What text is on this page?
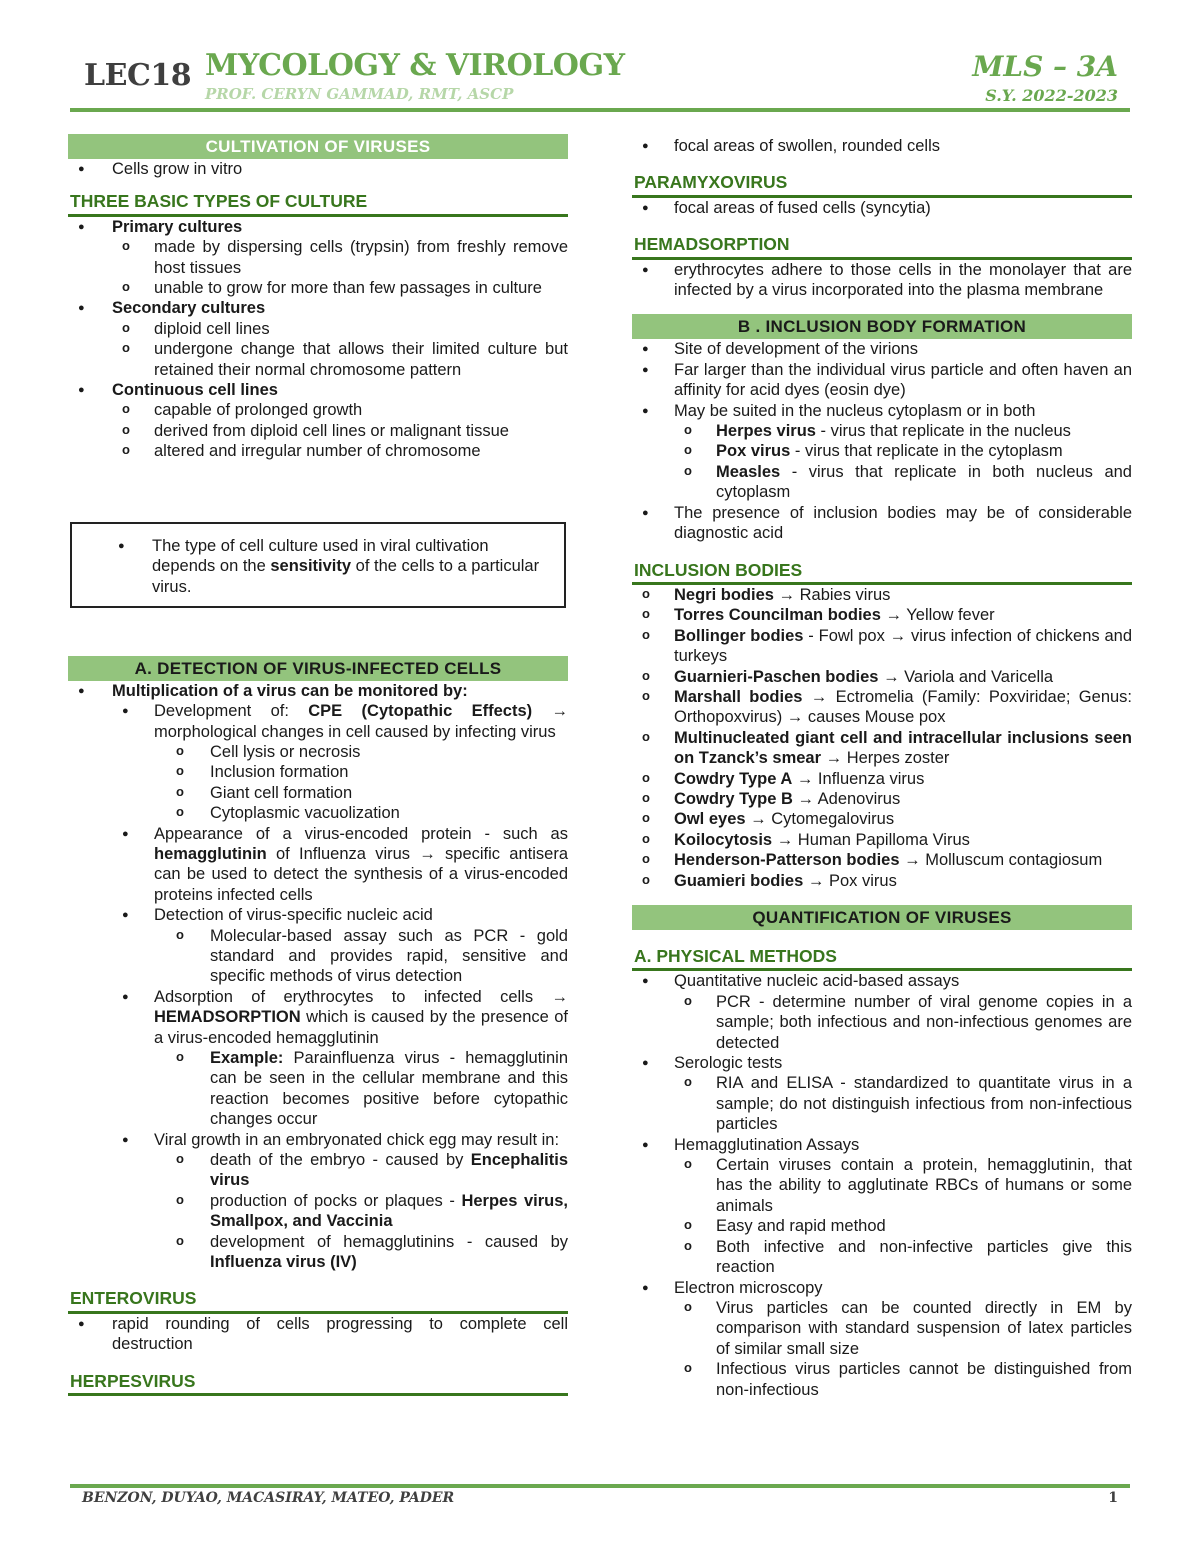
LEC18 MYCOLOGY & VIROLOGY
PROF. CERYN GAMMAD, RMT, ASCP
MLS – 3A
S.Y. 2022-2023
CULTIVATION OF VIRUSES
● Cells grow in vitro
THREE BASIC TYPES OF CULTURE
● Primary cultures
o made by dispersing cells (trypsin) from freshly remove host tissues
o unable to grow for more than few passages in culture
● Secondary cultures
o diploid cell lines
o undergone change that allows their limited culture but retained their normal chromosome pattern
● Continuous cell lines
o capable of prolonged growth
o derived from diploid cell lines or malignant tissue
o altered and irregular number of chromosome
● The type of cell culture used in viral cultivation depends on the sensitivity of the cells to a particular virus.
A. DETECTION OF VIRUS-INFECTED CELLS
● Multiplication of a virus can be monitored by:
● Development of: CPE (Cytopathic Effects) → morphological changes in cell caused by infecting virus
o Cell lysis or necrosis
o Inclusion formation
o Giant cell formation
o Cytoplasmic vacuolization
● Appearance of a virus-encoded protein - such as hemagglutinin of Influenza virus → specific antisera can be used to detect the synthesis of a virus-encoded proteins infected cells
● Detection of virus-specific nucleic acid
o Molecular-based assay such as PCR - gold standard and provides rapid, sensitive and specific methods of virus detection
● Adsorption of erythrocytes to infected cells → HEMADSORPTION which is caused by the presence of a virus-encoded hemagglutinin
o Example: Parainfluenza virus - hemagglutinin can be seen in the cellular membrane and this reaction becomes positive before cytopathic changes occur
● Viral growth in an embryonated chick egg may result in:
o death of the embryo - caused by Encephalitis virus
o production of pocks or plaques - Herpes virus, Smallpox, and Vaccinia
o development of hemagglutinins - caused by Influenza virus (IV)
ENTEROVIRUS
● rapid rounding of cells progressing to complete cell destruction
HERPESVIRUS
● focal areas of swollen, rounded cells
PARAMYXOVIRUS
● focal areas of fused cells (syncytia)
HEMADSORPTION
● erythrocytes adhere to those cells in the monolayer that are infected by a virus incorporated into the plasma membrane
B . INCLUSION BODY FORMATION
● Site of development of the virions
● Far larger than the individual virus particle and often haven an affinity for acid dyes (eosin dye)
● May be suited in the nucleus cytoplasm or in both
o Herpes virus - virus that replicate in the nucleus
o Pox virus - virus that replicate in the cytoplasm
o Measles - virus that replicate in both nucleus and cytoplasm
● The presence of inclusion bodies may be of considerable diagnostic acid
INCLUSION BODIES
o Negri bodies → Rabies virus
o Torres Councilman bodies → Yellow fever
o Bollinger bodies - Fowl pox → virus infection of chickens and turkeys
o Guarnieri-Paschen bodies → Variola and Varicella
o Marshall bodies → Ectromelia (Family: Poxviridae; Genus: Orthopoxvirus) → causes Mouse pox
o Multinucleated giant cell and intracellular inclusions seen on Tzanck’s smear → Herpes zoster
o Cowdry Type A → Influenza virus
o Cowdry Type B → Adenovirus
o Owl eyes → Cytomegalovirus
o Koilocytosis → Human Papilloma Virus
o Henderson-Patterson bodies → Molluscum contagiosum
o Guamieri bodies → Pox virus
QUANTIFICATION OF VIRUSES
A. PHYSICAL METHODS
● Quantitative nucleic acid-based assays
o PCR - determine number of viral genome copies in a sample; both infectious and non-infectious genomes are detected
● Serologic tests
o RIA and ELISA - standardized to quantitate virus in a sample; do not distinguish infectious from non-infectious particles
● Hemagglutination Assays
o Certain viruses contain a protein, hemagglutinin, that has the ability to agglutinate RBCs of humans or some animals
o Easy and rapid method
o Both infective and non-infective particles give this reaction
● Electron microscopy
o Virus particles can be counted directly in EM by comparison with standard suspension of latex particles of similar small size
o Infectious virus particles cannot be distinguished from non-infectious
BENZON, DUYAO, MACASIRAY, MATEO, PADER	1
